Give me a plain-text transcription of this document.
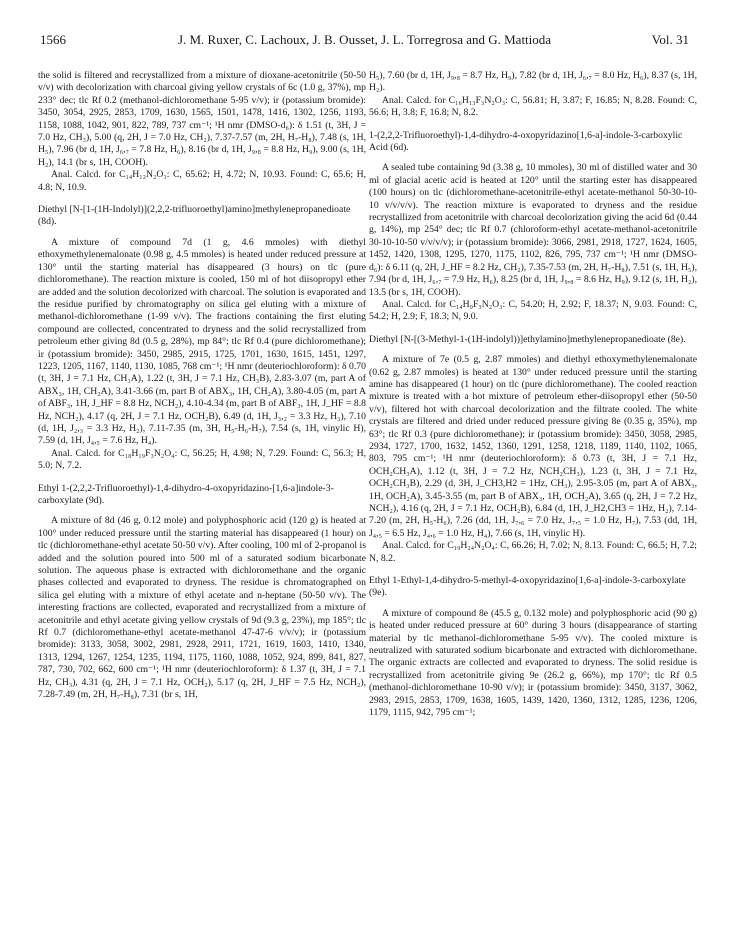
1566	J. M. Ruxer, C. Lachoux, J. B. Ousset, J. L. Torregrosa and G. Mattioda	Vol. 31

the solid is filtered and recrystallized from a mixture of dioxane-acetonitrile (50-50 v/v) with decolorization with charcoal giving yellow crystals of 6c (1.0 g, 37%), mp 233° dec; tlc Rf 0.2 (methanol-dichloromethane 5-95 v/v); ir (potassium bromide): 3450, 3054, 2925, 2853, 1709, 1630, 1565, 1501, 1478, 1416, 1302, 1256, 1193, 1158, 1088, 1042, 901, 822, 789, 737 cm⁻¹; ¹H nmr (DMSO-d₆): δ 1.51 (t, 3H, J = 7.0 Hz, CH₃), 5.00 (q, 2H, J = 7.0 Hz, CH₂), 7.37-7.57 (m, 2H, H₇-H₈), 7.48 (s, 1H, H₅), 7.96 (br d, 1H, J₆,₇ = 7.8 Hz, H₆), 8.16 (br d, 1H, J₉,₈ = 8.8 Hz, H₉), 9.00 (s, 1H, H₂), 14.1 (br s, 1H, COOH).

Anal. Calcd. for C₁₄H₁₂N₂O₃: C, 65.62; H, 4.72; N, 10.93. Found: C, 65.6; H, 4.8; N, 10.9.

Diethyl [N-[1-(1H-Indolyl)](2,2,2-trifluoroethyl)amino]methylenepropanedioate (8d).

A mixture of compound 7d (1 g, 4.6 mmoles) with diethyl ethoxymethylenemalonate (0.98 g, 4.5 mmoles) is heated under reduced pressure at 130° until the starting material has disappeared (3 hours) on tlc (pure dichloromethane). The reaction mixture is cooled, 150 ml of hot diisopropyl ether are added and the solution decolorized with charcoal. The solution is evaporated and the residue purified by chromatography on silica gel eluting with a mixture of methanol-dichloromethane (1-99 v/v). The fractions containing the first eluting compound are collected, concentrated to dryness and the solid recrystallized from petroleum ether giving 8d (0.5 g, 28%), mp 84°; tlc Rf 0.4 (pure dichloromethane); ir (potassium bromide): 3450, 2985, 2915, 1725, 1701, 1630, 1615, 1451, 1297, 1223, 1205, 1167, 1140, 1130, 1085, 768 cm⁻¹; ¹H nmr (deuteriochloroform): δ 0.70 (t, 3H, J = 7.1 Hz, CH₃A), 1.22 (t, 3H, J = 7.1 Hz, CH₃B), 2.83-3.07 (m, part A of ABX₃, 1H, CH₂A), 3.41-3.66 (m, part B of ABX₃, 1H, CH₂A), 3.80-4.05 (m, part A of ABF₃, 1H, J_HF = 8.8 Hz, NCH₂), 4.10-4.34 (m, part B of ABF₃, 1H, J_HF = 8.8 Hz, NCH₂), 4.17 (q, 2H, J = 7.1 Hz, OCH₂B), 6.49 (d, 1H, J₃,₂ = 3.3 Hz, H₃), 7.10 (d, 1H, J₂,₃ = 3.3 Hz, H₂), 7.11-7.35 (m, 3H, H₅-H₆-H₇), 7.54 (s, 1H, vinylic H), 7.59 (d, 1H, J₄,₅ = 7.6 Hz, H₄).

Anal. Calcd. for C₁₈H₁₉F₃N₂O₄: C, 56.25; H, 4.98; N, 7.29. Found: C, 56.3; H, 5.0; N, 7.2.

Ethyl 1-(2,2,2-Trifluoroethyl)-1,4-dihydro-4-oxopyridazino-[1,6-a]indole-3-carboxylate (9d).

A mixture of 8d (46 g, 0.12 mole) and polyphosphoric acid (120 g) is heated at 100° under reduced pressure until the starting material has disappeared (1 hour) on tlc (dichloromethane-ethyl acetate 50-50 v/v). After cooling, 100 ml of 2-propanol is added and the solution poured into 500 ml of a saturated sodium bicarbonate solution. The aqueous phase is extracted with dichloromethane and the organic phases collected and evaporated to dryness. The residue is chromatographed on silica gel eluting with a mixture of ethyl acetate and n-heptane (50-50 v/v). The interesting fractions are collected, evaporated and recrystallized from a mixture of acetonitrile and ethyl acetate giving yellow crystals of 9d (9.3 g, 23%), mp 185°; tlc Rf 0.7 (dichloromethane-ethyl acetate-methanol 47-47-6 v/v/v); ir (potassium bromide): 3133, 3058, 3002, 2981, 2928, 2911, 1721, 1619, 1603, 1410, 1340, 1313, 1294, 1267, 1254, 1235, 1194, 1175, 1160, 1088, 1052, 924, 899, 841, 827, 787, 730, 702, 662, 600 cm⁻¹; ¹H nmr (deuteriochloroform): δ 1.37 (t, 3H, J = 7.1 Hz, CH₃), 4.31 (q, 2H, J = 7.1 Hz, OCH₂), 5.17 (q, 2H, J_HF = 7.5 Hz, NCH₂), 7.28-7.49 (m, 2H, H₇-H₈), 7.31 (br s, 1H,

H₅), 7.60 (br d, 1H, J₉,₈ = 8.7 Hz, H₉), 7.82 (br d, 1H, J₆,₇ = 8.0 Hz, H₆), 8.37 (s, 1H, H₂).

Anal. Calcd. for C₁₆H₁₃F₃N₂O₃: C, 56.81; H, 3.87; F, 16.85; N, 8.28. Found: C, 56.6; H, 3.8; F, 16.8; N, 8.2.

1-(2,2,2-Trifluoroethyl)-1,4-dihydro-4-oxopyridazino[1,6-a]-indole-3-carboxylic Acid (6d).

A sealed tube containing 9d (3.38 g, 10 mmoles), 30 ml of distilled water and 30 ml of glacial acetic acid is heated at 120° until the starting ester has disappeared (100 hours) on tlc (dichloromethane-acetonitrile-ethyl acetate-methanol 50-30-10-10 v/v/v/v). The reaction mixture is evaporated to dryness and the residue recrystallized from acetonitrile with charcoal decolorization giving the acid 6d (0.44 g, 14%), mp 254° dec; tlc Rf 0.7 (chloroform-ethyl acetate-methanol-acetonitrile 30-10-10-50 v/v/v/v); ir (potassium bromide): 3066, 2981, 2918, 1727, 1624, 1605, 1452, 1420, 1308, 1295, 1270, 1175, 1102, 826, 795, 737 cm⁻¹; ¹H nmr (DMSO-d₆): δ 6.11 (q, 2H, J_HF = 8.2 Hz, CH₂), 7.35-7.53 (m, 2H, H₇-H₈), 7.51 (s, 1H, H₅), 7.94 (br d, 1H, J₆,₇ = 7.9 Hz, H₆), 8.25 (br d, 1H, J₉,₈ = 8.6 Hz, H₉), 9.12 (s, 1H, H₂), 13.5 (br s, 1H, COOH).

Anal. Calcd. for C₁₄H₉F₃N₂O₃: C, 54.20; H, 2.92; F, 18.37; N, 9.03. Found: C, 54.2; H, 2.9; F, 18.3; N, 9.0.

Diethyl [N-[(3-Methyl-1-(1H-indolyl))]ethylamino]methylenepropanedioate (8e).

A mixture of 7e (0.5 g, 2.87 mmoles) and diethyl ethoxymethylenemalonate (0.62 g, 2.87 mmoles) is heated at 130° under reduced pressure until the starting amine has disappeared (1 hour) on tlc (pure dichloromethane). The cooled reaction mixture is treated with a hot mixture of petroleum ether-diisopropyl ether (50-50 v/v), filtered hot with charcoal decolorization and the filtrate cooled. The white crystals are filtered and dried under reduced pressure giving 8e (0.35 g, 35%), mp 63°; tlc Rf 0.3 (pure dichloromethane); ir (potassium bromide): 3450, 3058, 2985, 2934, 1727, 1700, 1632, 1452, 1360, 1291, 1258, 1218, 1189, 1140, 1102, 1065, 803, 795 cm⁻¹; ¹H nmr (deuteriochloroform): δ 0.73 (t, 3H, J = 7.1 Hz, OCH₂CH₃A), 1.12 (t, 3H, J = 7.2 Hz, NCH₂CH₃), 1.23 (t, 3H, J = 7.1 Hz, OCH₂CH₃B), 2.29 (d, 3H, J_CH3,H2 = 1Hz, CH₃), 2.95-3.05 (m, part A of ABX₃, 1H, OCH₂A), 3.45-3.55 (m, part B of ABX₃, 1H, OCH₂A), 3.65 (q, 2H, J = 7.2 Hz, NCH₂), 4.16 (q, 2H, J = 7.1 Hz, OCH₂B), 6.84 (d, 1H, J_H2,CH3 = 1Hz, H₂), 7.14-7.20 (m, 2H, H₅-H₆), 7.26 (dd, 1H, J₇,₆ = 7.0 Hz, J₇,₅ = 1.0 Hz, H₇), 7.53 (dd, 1H, J₄,₅ = 6.5 Hz, J₄,₆ = 1.0 Hz, H₄), 7.66 (s, 1H, vinylic H).

Anal. Calcd. for C₁₉H₂₄N₂O₄: C, 66.26; H, 7.02; N, 8.13. Found: C, 66.5; H, 7.2; N, 8.2.

Ethyl 1-Ethyl-1,4-dihydro-5-methyl-4-oxopyridazino[1,6-a]-indole-3-carboxylate (9e).

A mixture of compound 8e (45.5 g, 0.132 mole) and polyphosphoric acid (90 g) is heated under reduced pressure at 60° during 3 hours (disappearance of starting material by tlc methanol-dichloromethane 5-95 v/v). The cooled mixture is neutralized with saturated sodium bicarbonate and extracted with dichloromethane. The organic extracts are collected and evaporated to dryness. The solid residue is recrystallized from acetonitrile giving 9e (26.2 g, 66%), mp 170°; tlc Rf 0.5 (methanol-dichloromethane 10-90 v/v); ir (potassium bromide): 3450, 3137, 3062, 2983, 2915, 2853, 1709, 1638, 1605, 1439, 1420, 1360, 1312, 1285, 1236, 1206, 1179, 1115, 942, 795 cm⁻¹;
